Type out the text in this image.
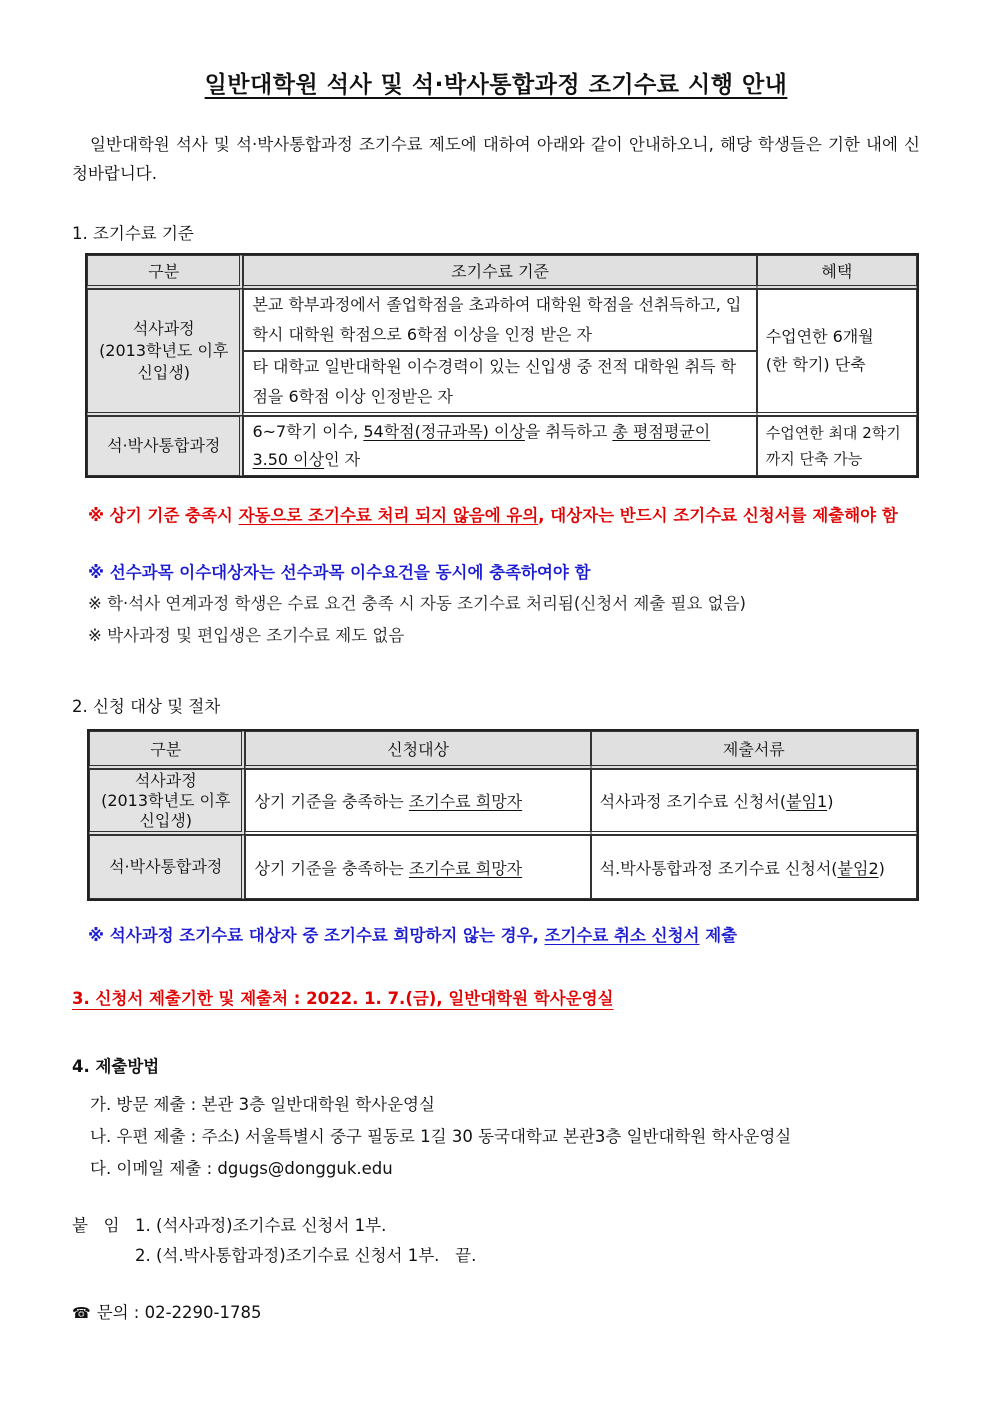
일반대학원 석사 및 석·박사통합과정 조기수료 시행 안내
일반대학원 석사 및 석·박사통합과정 조기수료 제도에 대하여 아래와 같이 안내하오니, 해당 학생들은 기한 내에 신청바랍니다.
1. 조기수료 기준
구분	조기수료 기준	혜택
석사과정
(2013학년도 이후
신입생)	본교 학부과정에서 졸업학점을 초과하여 대학원 학점을 선취득하고, 입학시 대학원 학점으로 6학점 이상을 인정 받은 자	수업연한 6개월
(한 학기) 단축
	타 대학교 일반대학원 이수경력이 있는 신입생 중 전적 대학원 취득 학점을 6학점 이상 인정받은 자	
석·박사통합과정	6~7학기 이수, 54학점(정규과목) 이상을 취득하고 총 평점평균이 3.50 이상인 자	수업연한 최대 2학기
까지 단축 가능
※ 상기 기준 충족시 자동으로 조기수료 처리 되지 않음에 유의, 대상자는 반드시 조기수료 신청서를 제출해야 함
※ 선수과목 이수대상자는 선수과목 이수요건을 동시에 충족하여야 함
※ 학·석사 연계과정 학생은 수료 요건 충족 시 자동 조기수료 처리됨(신청서 제출 필요 없음)
※ 박사과정 및 편입생은 조기수료 제도 없음
2. 신청 대상 및 절차
구분	신청대상	제출서류
석사과정
(2013학년도 이후
신입생)	상기 기준을 충족하는 조기수료 희망자	석사과정 조기수료 신청서(붙임1)
석·박사통합과정	상기 기준을 충족하는 조기수료 희망자	석.박사통합과정 조기수료 신청서(붙임2)
※ 석사과정 조기수료 대상자 중 조기수료 희망하지 않는 경우, 조기수료 취소 신청서 제출
3. 신청서 제출기한 및 제출처 : 2022. 1. 7.(금), 일반대학원 학사운영실
4. 제출방법
가. 방문 제출 : 본관 3층 일반대학원 학사운영실
나. 우편 제출 : 주소) 서울특별시 중구 필동로 1길 30 동국대학교 본관3층 일반대학원 학사운영실
다. 이메일 제출 : dgugs@dongguk.edu
붙   임 1. (석사과정)조기수료 신청서 1부.
2. (석.박사통합과정)조기수료 신청서 1부.   끝.
☎ 문의 : 02-2290-1785
